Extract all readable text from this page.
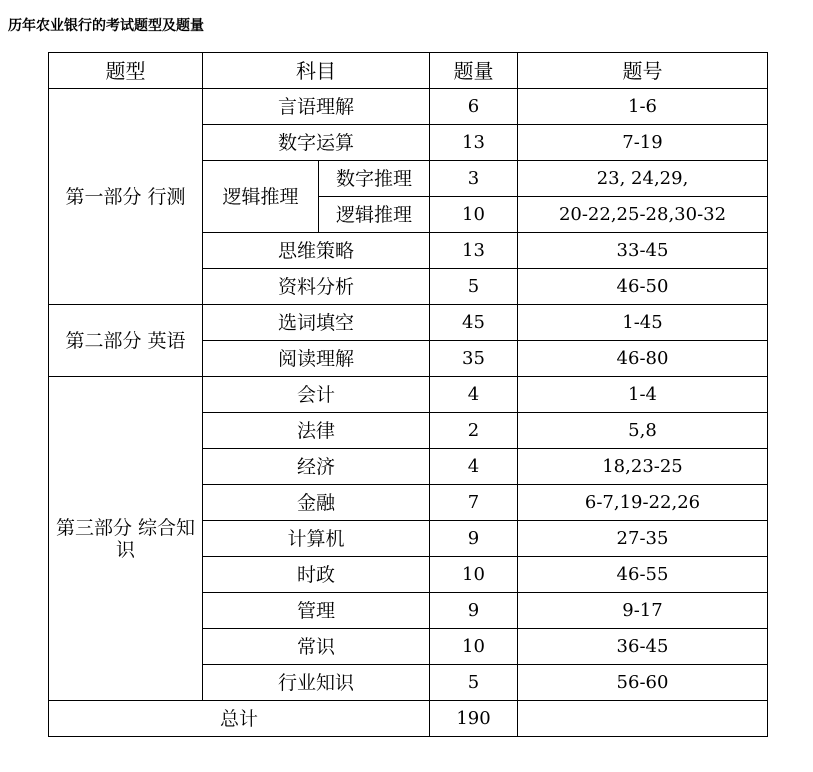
历年农业银行的考试题型及题量
题型	科目		题量	题号
第一部分 行测	言语理解		6	1-6
	数字运算		13	7-19
	逻辑推理	数字推理	3	23, 24,29,
		逻辑推理	10	20-22,25-28,30-32
	思维策略		13	33-45
	资料分析		5	46-50
第二部分 英语	选词填空		45	1-45
	阅读理解		35	46-80
第三部分 综合知识	会计		4	1-4
	法律		2	5,8
	经济		4	18,23-25
	金融		7	6-7,19-22,26
	计算机		9	27-35
	时政		10	46-55
	管理		9	9-17
	常识		10	36-45
	行业知识		5	56-60
总计			190	
